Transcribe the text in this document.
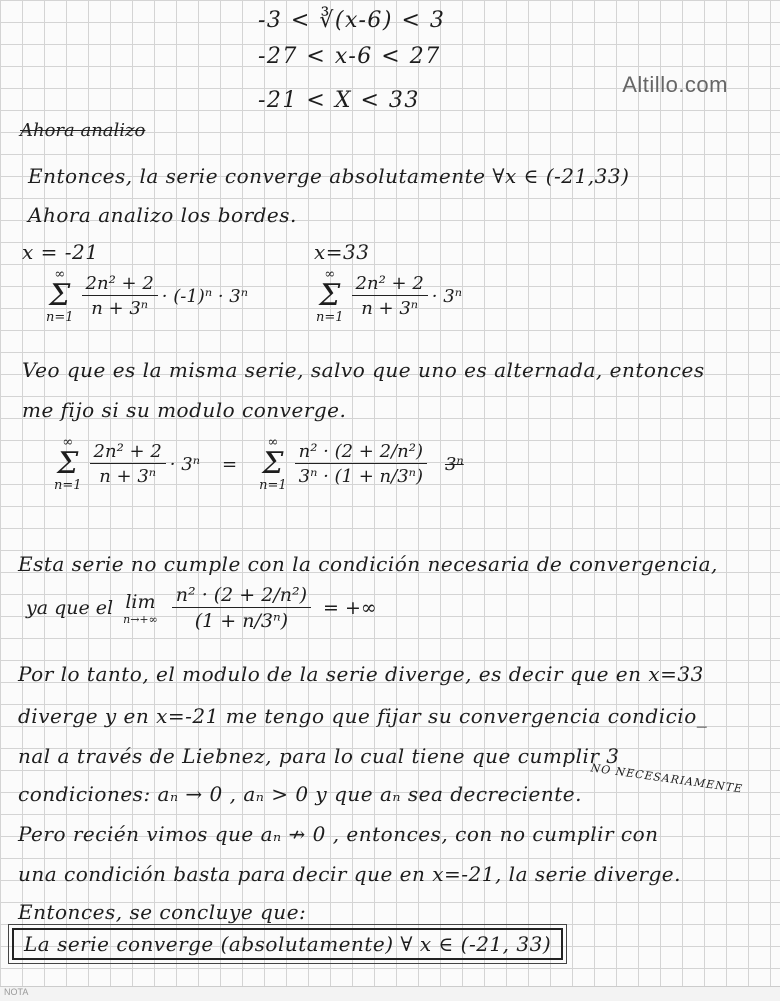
Altillo.com
-3 < ∛(x-6) < 3
-27 < x-6 < 27
-21 < X < 33
Ahora analizo
Entonces, la serie converge absolutamente ∀x ∈ (-21,33)
Ahora analizo los bordes.
x = -21	x=33
∞
Σ
$n=1 \frac{\text{2n² + 2}}{\text{n + 3ⁿ}} \cdot (-1)^n \cdot 3^n$
∞
Σ
$n=1 \frac{\text{2n² + 2}}{\text{n + 3ⁿ}} \cdot 3^n$
Veo que es la misma serie, salvo que uno es alternada, entonces
me fijo si su modulo converge.
∞
Σ
$n=1 \frac{\text{2n² + 2}}{\text{n + 3ⁿ}} \cdot 3^n$ =
∞
Σ
$n=1 \frac{\text{n² · (2 + 2/n²)}}{\text{3ⁿ · (1 + n/3ⁿ)}} 3^n$
Esta serie no cumple con la condición necesaria de convergencia,
ya que el lim
$n\to+\infty \frac{\text{n² · (2 + 2/n²)}}{\text{(1 + n/3ⁿ)}}$ = +∞
Por lo tanto, el modulo de la serie diverge, es decir que en x=33
diverge y en x=-21 me tengo que fijar su convergencia condicio_
nal a través de Liebnez, para lo cual tiene que cumplir 3
NO NECESARIAMENTE
condiciones: aₙ → 0 , aₙ > 0 y que aₙ sea decreciente.
Pero recién vimos que aₙ ↛ 0 , entonces, con no cumplir con
una condición basta para decir que en x=-21, la serie diverge.
Entonces, se concluye que:
La serie converge (absolutamente) ∀ x ∈ (-21, 33)
NOTA
